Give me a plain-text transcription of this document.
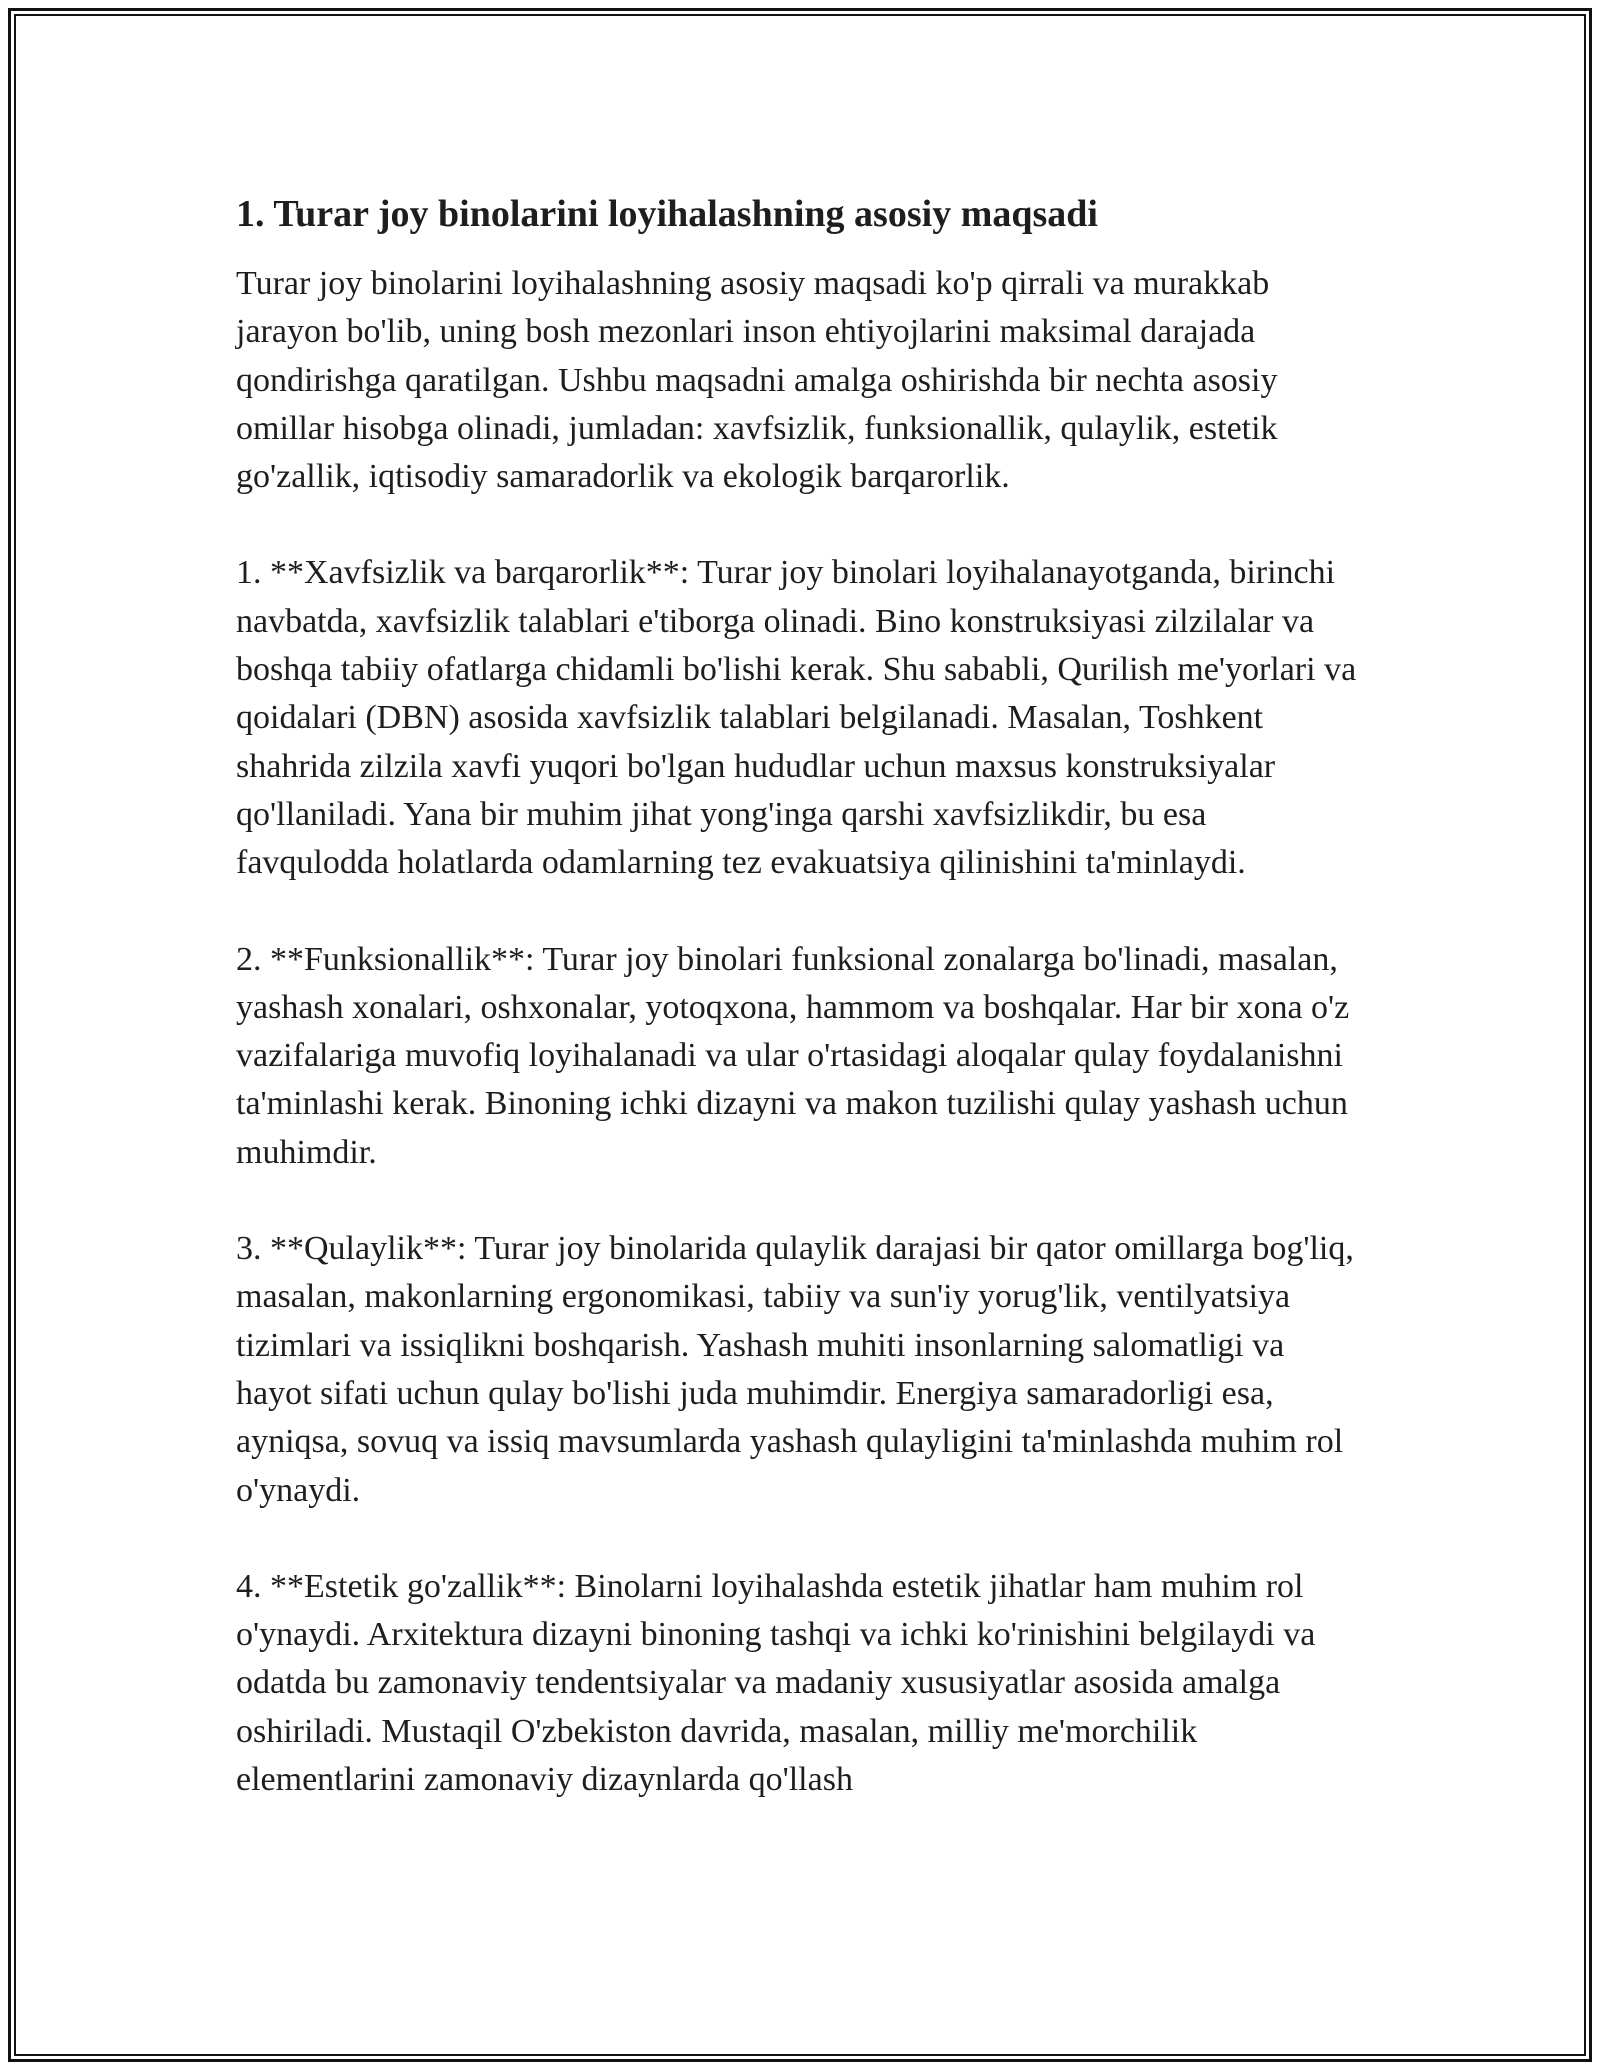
1. Turar joy binolarini loyihalashning asosiy maqsadi

Turar joy binolarini loyihalashning asosiy maqsadi ko'p qirrali va murakkab jarayon bo'lib, uning bosh mezonlari inson ehtiyojlarini maksimal darajada qondirishga qaratilgan. Ushbu maqsadni amalga oshirishda bir nechta asosiy omillar hisobga olinadi, jumladan: xavfsizlik, funksionallik, qulaylik, estetik go'zallik, iqtisodiy samaradorlik va ekologik barqarorlik.

1. **Xavfsizlik va barqarorlik**: Turar joy binolari loyihalanayotganda, birinchi navbatda, xavfsizlik talablari e'tiborga olinadi. Bino konstruksiyasi zilzilalar va boshqa tabiiy ofatlarga chidamli bo'lishi kerak. Shu sababli, Qurilish me'yorlari va qoidalari (DBN) asosida xavfsizlik talablari belgilanadi. Masalan, Toshkent shahrida zilzila xavfi yuqori bo'lgan hududlar uchun maxsus konstruksiyalar qo'llaniladi. Yana bir muhim jihat yong'inga qarshi xavfsizlikdir, bu esa favqulodda holatlarda odamlarning tez evakuatsiya qilinishini ta'minlaydi.

2. **Funksionallik**: Turar joy binolari funksional zonalarga bo'linadi, masalan, yashash xonalari, oshxonalar, yotoqxona, hammom va boshqalar. Har bir xona o'z vazifalariga muvofiq loyihalanadi va ular o'rtasidagi aloqalar qulay foydalanishni ta'minlashi kerak. Binoning ichki dizayni va makon tuzilishi qulay yashash uchun muhimdir.

3. **Qulaylik**: Turar joy binolarida qulaylik darajasi bir qator omillarga bog'liq, masalan, makonlarning ergonomikasi, tabiiy va sun'iy yorug'lik, ventilyatsiya tizimlari va issiqlikni boshqarish. Yashash muhiti insonlarning salomatligi va hayot sifati uchun qulay bo'lishi juda muhimdir. Energiya samaradorligi esa, ayniqsa, sovuq va issiq mavsumlarda yashash qulayligini ta'minlashda muhim rol o'ynaydi.

4. **Estetik go'zallik**: Binolarni loyihalashda estetik jihatlar ham muhim rol o'ynaydi. Arxitektura dizayni binoning tashqi va ichki ko'rinishini belgilaydi va odatda bu zamonaviy tendentsiyalar va madaniy xususiyatlar asosida amalga oshiriladi. Mustaqil O'zbekiston davrida, masalan, milliy me'morchilik elementlarini zamonaviy dizaynlarda qo'llash
